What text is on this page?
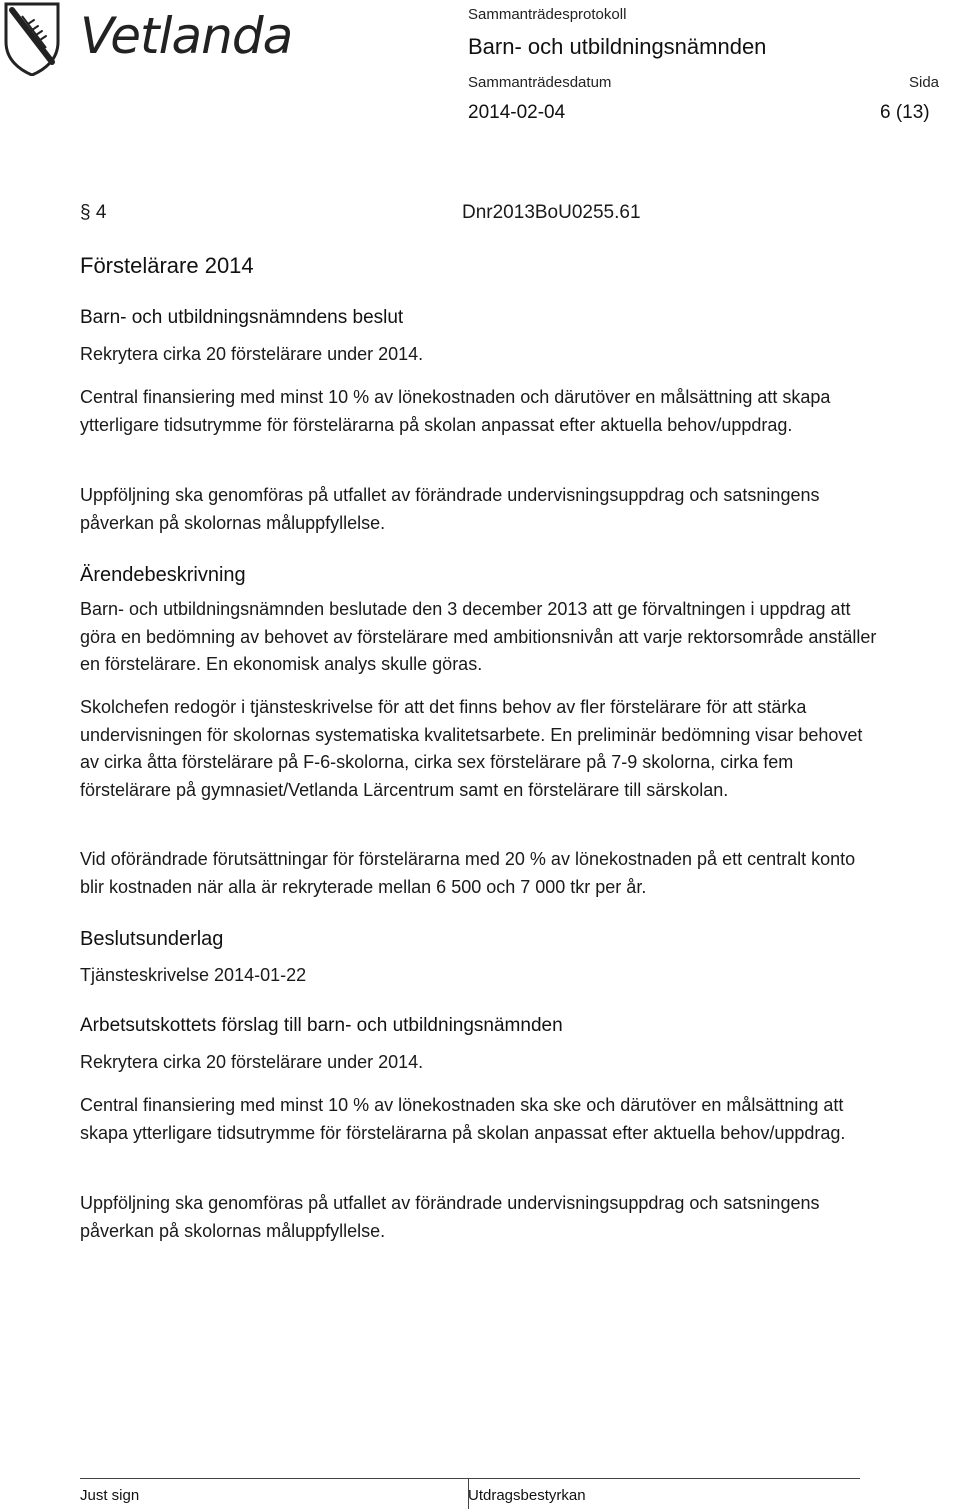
Vetlanda	Sammanträdesprotokoll
Barn- och utbildningsnämnden
Sammanträdesdatum	Sida
2014-02-04	6 (13)
§ 4	Dnr2013BoU0255.61
Förstelärare 2014
Barn- och utbildningsnämndens beslut
Rekrytera cirka 20 förstelärare under 2014.
Central finansiering med minst 10 % av lönekostnaden och därutöver en målsättning att skapa ytterligare tidsutrymme för förstelärarna på skolan anpassat efter aktuella behov/uppdrag.
Uppföljning ska genomföras på utfallet av förändrade undervisningsuppdrag och satsningens påverkan på skolornas måluppfyllelse.
Ärendebeskrivning
Barn- och utbildningsnämnden beslutade den 3 december 2013 att ge förvaltningen i uppdrag att göra en bedömning av behovet av förstelärare med ambitionsnivån att varje rektorsområde anställer en förstelärare. En ekonomisk analys skulle göras.
Skolchefen redogör i tjänsteskrivelse för att det finns behov av fler förstelärare för att stärka undervisningen för skolornas systematiska kvalitetsarbete. En preliminär bedömning visar behovet av cirka åtta förstelärare på F-6-skolorna, cirka sex förstelärare på 7-9 skolorna, cirka fem förstelärare på gymnasiet/Vetlanda Lärcentrum samt en förstelärare till särskolan.
Vid oförändrade förutsättningar för förstelärarna med 20 % av lönekostnaden på ett centralt konto blir kostnaden när alla är rekryterade mellan 6 500 och 7 000 tkr per år.
Beslutsunderlag
Tjänsteskrivelse 2014-01-22
Arbetsutskottets förslag till barn- och utbildningsnämnden
Rekrytera cirka 20 förstelärare under 2014.
Central finansiering med minst 10 % av lönekostnaden ska ske och därutöver en målsättning att skapa ytterligare tidsutrymme för förstelärarna på skolan anpassat efter aktuella behov/uppdrag.
Uppföljning ska genomföras på utfallet av förändrade undervisningsuppdrag och satsningens påverkan på skolornas måluppfyllelse.
Just sign	Utdragsbestyrkan
